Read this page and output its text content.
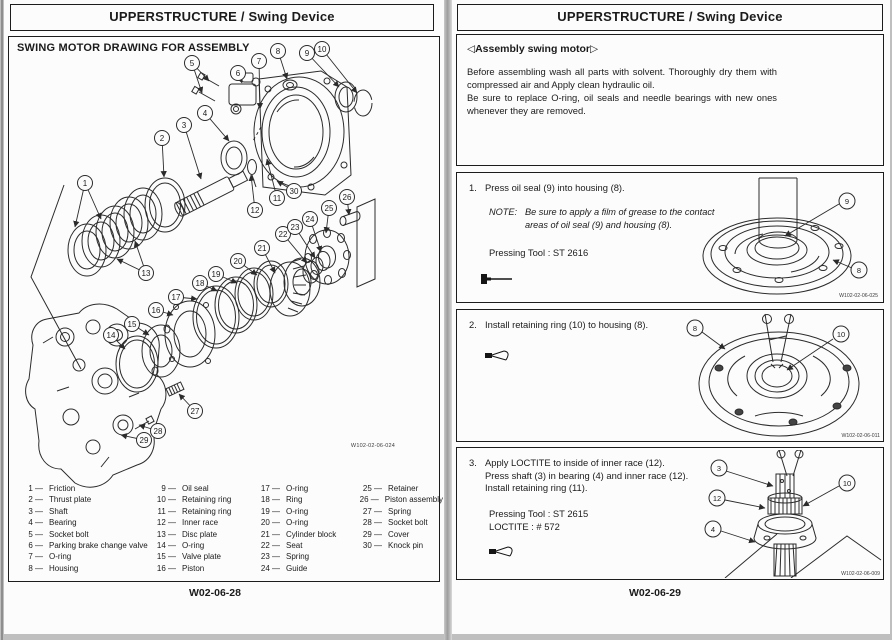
UPPERSTRUCTURE / Swing Device
1
2
3
4
5
6
7
8	9 10
11
12
13
14
15
16
17
18
19
20
21
22
23
24
25
26
27
28
29
30
SWING MOTOR DRAWING FOR ASSEMBLY
W102-02-06-024
1 — Friction
2 — Thrust plate
3 — Shaft
4 — Bearing
5 — Socket bolt
6 — Parking brake change valve
7 — O-ring
8 — Housing
9 — Oil seal
10 — Retaining ring
11 — Retaining ring
12 — Inner race
13 — Disc plate
14 — O-ring
15 — Valve plate
16 — Piston
17 — O-ring
18 — Ring
19 — O-ring
20 — O-ring
21 — Cylinder block
22 — Seat
23 — Spring
24 — Guide
25 — Retainer
26 — Piston assembly
27 — Spring
28 — Socket bolt
29 — Cover
30 — Knock pin
W02-06-28
UPPERSTRUCTURE / Swing Device
◁Assembly swing motor▷

Before assembling wash all parts with solvent. Thoroughly dry them with compressed air and Apply clean hydraulic oil.

Be sure to replace O-ring, oil seals and needle bearings with new ones whenever they are removed.

1. Press oil seal (9) into housing (8).
NOTE: Be sure to apply a film of grease to the contact areas of oil seal (9) and housing (8).
Pressing Tool : ST 2616
9
8
W102-02-06-025
2. Install retaining ring (10) to housing (8).	8
10
W102-02-06-011
3. Apply LOCTITE to inside of inner race (12).
Press shaft (3) in bearing (4) and inner race (12).
Install retaining ring (11).
Pressing Tool : ST 2615
LOCTITE : # 572
3
12
4
10
W102-02-06-009
W02-06-29
